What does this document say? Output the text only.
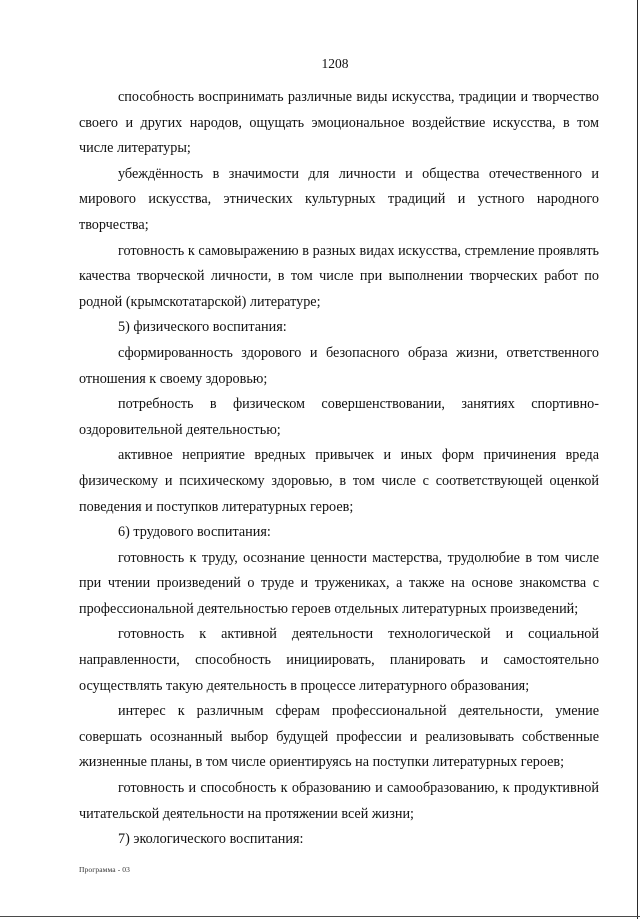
1208

способность воспринимать различные виды искусства, традиции и творчество своего и других народов, ощущать эмоциональное воздействие искусства, в том числе литературы;

убеждённость в значимости для личности и общества отечественного и мирового искусства, этнических культурных традиций и устного народного творчества;

готовность к самовыражению в разных видах искусства, стремление проявлять качества творческой личности, в том числе при выполнении творческих работ по родной (крымскотатарской) литературе;

5) физического воспитания:

сформированность здорового и безопасного образа жизни, ответственного отношения к своему здоровью;

потребность в физическом совершенствовании, занятиях спортивно-оздоровительной деятельностью;

активное неприятие вредных привычек и иных форм причинения вреда физическому и психическому здоровью, в том числе с соответствующей оценкой поведения и поступков литературных героев;

6) трудового воспитания:

готовность к труду, осознание ценности мастерства, трудолюбие в том числе при чтении произведений о труде и тружениках, а также на основе знакомства с профессиональной деятельностью героев отдельных литературных произведений;

готовность к активной деятельности технологической и социальной направленности, способность инициировать, планировать и самостоятельно осуществлять такую деятельность в процессе литературного образования;

интерес к различным сферам профессиональной деятельности, умение совершать осознанный выбор будущей профессии и реализовывать собственные жизненные планы, в том числе ориентируясь на поступки литературных героев;

готовность и способность к образованию и самообразованию, к продуктивной читательской деятельности на протяжении всей жизни;

7) экологического воспитания:

Программа - 03
